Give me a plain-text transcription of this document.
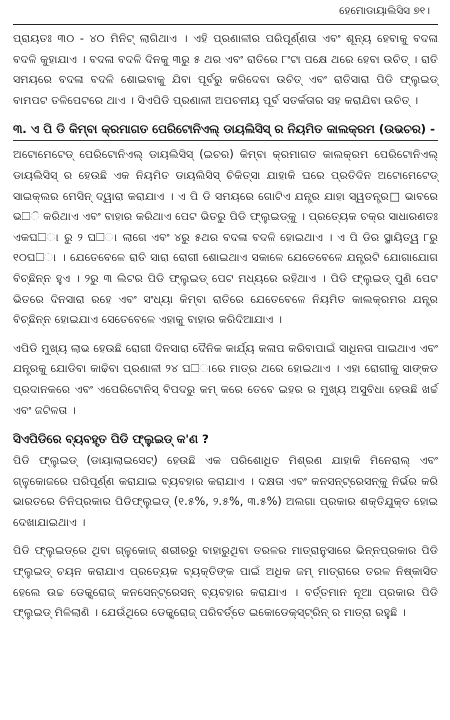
ହେମୋଡାୟାଲିସିସ ୭୧।

ପ୍ରାୟତଃ ୩୦ - ୪୦ ମିନିଟ୍ ଲାଗିଥାଏ । ଏହି ପ୍ରଣାଳୀର ପରିପୂର୍ଣ୍ଣତା ଏବଂ ଶୂନ୍ୟ ହେବାକୁ ବଦଳା ବଦଳି କୁହାଯାଏ । ବଦଳା ବଦଳି ଦିନକୁ ୩ରୁ ୫ ଥର ଏବଂ ରାତିରେ ୮ଂଟା ପକ୍ଷେ ଥରେ ହେବା ଉଚିତ୍ । ରାତି ସମୟରେ ବଦଳା ବଦଳି ଶୋଇବାକୁ ଯିବା ପୂର୍ବରୁ କରିଦେବା ଉଚିତ୍ ଏବଂ ରାତିସାରା ପିଡି ଫ୍ଲୁଇଡ୍ ବାମପଟ ତଳିପେଟରେ ଥାଏ । ସିଏପିଡି ପ୍ରଣାଳୀ ଅପଚନୀୟ ପୂର୍ବ ସତର୍କତାର ସହ କରାଯିବା ଉଚିତ୍ ।

୩. ଏ ପି ଡି କିମ୍ବା କ୍ରମାଗତ ପେରିଟୋନିଏଲ୍ ଡାୟଲିସିସ୍ ର ନିୟମିତ କାଲକ୍ରମ (ଉଭଚର) -

ଅଟୋମେଟେଡ୍ ପେରିଟୋନିଏଲ୍ ଡାୟଲିସିସ୍ (ଇଚର) କିମ୍ବା କ୍ରମାଗତ କାଲକ୍ରମ ପେରିଟୋନିଏଲ୍ ଡାୟଲିସିସ୍ ର ହେଉଛି ଏକ ନିୟମିତ ଡାୟଲିସିସ୍ ଚିକିତ୍ସା ଯାହାକି ଘରେ ପ୍ରତିଦିନ ଅଟୋମେଟେଡ୍ ସାଇକ୍ଲର ମେସିନ୍ ଦ୍ୱାରା କରାଯାଏ । ଏ ପି ଡି ସମୟରେ ଗୋଟିଏ ଯନ୍ତ୍ର ଯାହା ସ୍ୱତନ୍ତ୍ର□ ଭାବରେ ଭ□ି କରିଥାଏ ଏବଂ ବାହାର କରିଥାଏ ପେଟ ଭିତରୁ ପିଡି ଫ୍ଲୁଇଡ୍କୁ । ପ୍ରତ୍ୟେକ ଚକ୍ର ସାଧାରଣତଃ ଏକଘ□ା ରୁ ୨ ଘ□ା ଲାଗେ ଏବଂ ୪ରୁ ୫ଥର ବଦଳା ବଦଳି ହୋଇଥାଏ । ଏ ପି ଡିର ସ୍ଥାୟିତ୍ୱ ୮ରୁ ୧୦ଘ□ା । ଯେତେବେଳେ ରାତି ସାରା ରୋଗୀ ଶୋଇଥାଏ ସକାଳେ ଯେତେବେଳେ ଯନ୍ତ୍ରଟି ଯୋଗାଯୋଗ ବିଚ୍ଛିନ୍ନ ହୁଏ । ୨ରୁ ୩ ଲିଟର ପିଡି ଫ୍ଲୁଇଡ୍ ପେଟ ମଧ୍ୟରେ ରହିଥାଏ । ପିଡି ଫ୍ଲୁଇଡ୍ ପୁଣି ପେଟ ଭିତରେ ଦିନସାରା ରହେ ଏବଂ ସଂଧ୍ୟା କିମ୍ବା ରାତିରେ ଯେତେବେଳେ ନିୟମିତ କାଲକ୍ରମର ଯନ୍ତ୍ର ବିଚ୍ଛିନ୍ନ ହୋଇଯାଏ ସେତେବେଳେ ଏହାକୁ ବାହାର କରିଦିଆଯାଏ ।

ଏପିଡି ମୁଖ୍ୟ ଲାଭ ହେଉଛି ରୋଗୀ ଦିନସାରା ଦୈନିକ କାର୍ଯ୍ୟ କଳାପ କରିବାପାଇଁ ସାଧିନତା ପାଇଥାଏ ଏବଂ ଯନ୍ତ୍ରକୁ ଯୋଡିବା କାଢିବା ପ୍ରଣାଳୀ ୨୪ ଘ□ାରେ ମାତ୍ର ଥରେ ହୋଇଥାଏ । ଏହା ରୋଗୀକୁ ସାଙ୍କଡ ପ୍ରଦାନକରେ ଏବଂ ଏପେରିଟୋନିସ୍ ବିପଦରୁ କମ୍ କରେ ତେବେ ଇହର ର ମୁଖ୍ୟ ଅସୁବିଧା ହେଉଛି ଖର୍ଚ୍ଚ ଏବଂ ଜଟିଳତା ।

ସିଏପିଡିରେ ବ୍ୟବହୃତ ପିଡି ଫ୍ଲୁଇଡ୍ କ'ଣ ?

ପିଡି ଫ୍ଲୁଇଡ୍ (ଡାୟାଲାଇସେଟ୍) ହେଉଛି ଏକ ପରିଶୋଧିତ ମିଶ୍ରଣ ଯାହାକି ମିନେରାଲ୍ ଏବଂ ଗ୍ଳୁକୋଜରେ ପରିପୂର୍ଣ୍ଣ କରାଯାଇ ବ୍ୟବହାର କରାଯାଏ । ଦକ୍ଷତା ଏବଂ କନସନ୍‌ଟ୍ରେସନ୍‌କୁ ନିର୍ଭର କରି ଭାରତରେ ତିନିପ୍ରକାର ପିଡିଫ୍ଲୁଇଡ୍ (୧.୫%, ୨.୫%, ୩.୫%) ଅଲଗା ପ୍ରକାର ଶକ୍ତିଯୁକ୍ତ ହୋଇ ଦେଖାଯାଇଥାଏ ।

ପିଡି ଫ୍ଲୁଇଡ୍‌ରେ ଥିବା ଗ୍ଳୁକୋଜ୍ ଶରୀରରୁ ବାହାରୁଥିବା ତରଳର ମାତ୍ରାନୁସାରେ ଭିନ୍ନପ୍ରକାର ପିଡି ଫ୍ଲୁଇଡ୍ ଚୟନ କରାଯାଏ ପ୍ରତ୍ୟେକ ବ୍ୟକ୍ତିଙ୍କ ପାଇଁ ଅଧିକ ଜମ୍ ମାତ୍ରାରେ ତରଳ ନିଷ୍କାସିତ ହେଲେ ଉଚ୍ଚ ଡେକ୍ସ୍ରୋଜ୍ କନସେନ୍‌ଟ୍ରେସନ୍ ବ୍ୟବହାର କରାଯାଏ । ବର୍ତ୍ତମାନ ନୂଆ ପ୍ରକାର ପିଡି ଫ୍ଲୁଇଡ୍ ମିଳିଲାଣି । ଯେଉଁଥିରେ ଡେକ୍ସ୍ରୋଜ୍ ପରିବର୍ତ୍ତେ ଇକୋଡେକ୍ସ୍‌ଟ୍ରିନ୍ ର ମାତ୍ରା ରହୁଛି ।
